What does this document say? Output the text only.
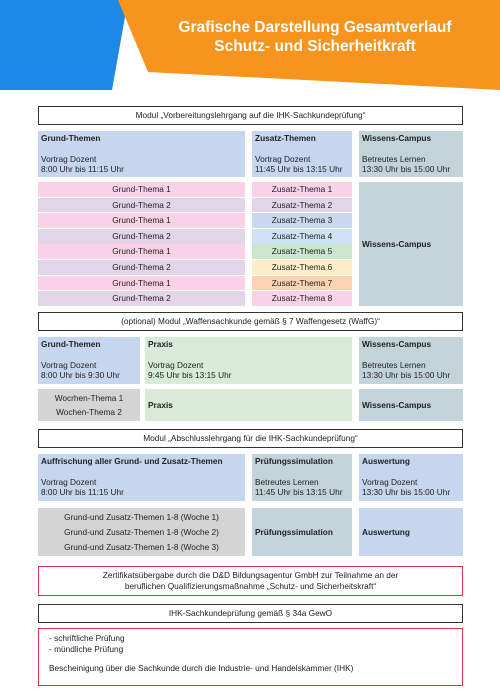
Grafische Darstellung Gesamtverlauf
Schutz- und Sicherheitkraft
Modul „Vorbereitungslehrgang auf die IHK-Sachkundeprüfung“
Grund-Themen
Vortrag Dozent
8:00 Uhr bis 11:15 Uhr
Zusatz-Themen
Vortrag Dozent
11:45 Uhr bis 13:15 Uhr
Wissens-Campus
Betreutes Lernen
13:30 Uhr bis 15:00 Uhr
Grund-Thema 1
Grund-Thema 2
Grund-Thema 1
Grund-Thema 2
Grund-Thema 1
Grund-Thema 2
Grund-Thema 1
Grund-Thema 2
Zusatz-Thema 1
Zusatz-Thema 2
Zusatz-Thema 3
Zusatz-Thema 4
Zusatz-Thema 5
Zusatz-Thema 6
Zusatz-Thema 7
Zusatz-Thema 8
Wissens-Campus
(optional) Modul „Waffensachkunde gemäß § 7 Waffengesetz (WaffG)“
Grund-Themen
Vortrag Dozent
8:00 Uhr bis 9:30 Uhr
Praxis
Vortrag Dozent
9:45 Uhr bis 13:15 Uhr
Wissens-Campus
Betreutes Lernen
13:30 Uhr bis 15:00 Uhr
Wocrhen-Thema 1
Wochen-Thema 2
Praxis	Wissens-Campus
Modul „Abschlusslehrgang für die IHK-Sachkundeprüfung“
Auffrischung aller Grund- und Zusatz-Themen
Vortrag Dozent
8:00 Uhr bis 11:15 Uhr
Prüfungssimulation
Betreutes Lernen
11:45 Uhr bis 13:15 Uhr
Auswertung
Vortrag Dozent
13:30 Uhr bis 15:00 Uhr
Grund-und Zusatz-Themen 1-8 (Woche 1)
Grund-und Zusatz-Themen 1-8 (Woche 2)
Grund-und Zusatz-Themen 1-8 (Woche 3)
Prüfungssimulation	Auswertung
Zertifikatsübergabe durch die D&D Bildungsagentur GmbH zur Teilnahme an der
beruflichen Qualifizierungsmaßnahme „Schutz- und Sicherheitskraft“
IHK-Sachkundeprüfung gemäß § 34a GewO
- schriftliche Prüfung
- mündliche Prüfung
Bescheinigung über die Sachkunde durch die Industrie- und Handelskammer (IHK)
